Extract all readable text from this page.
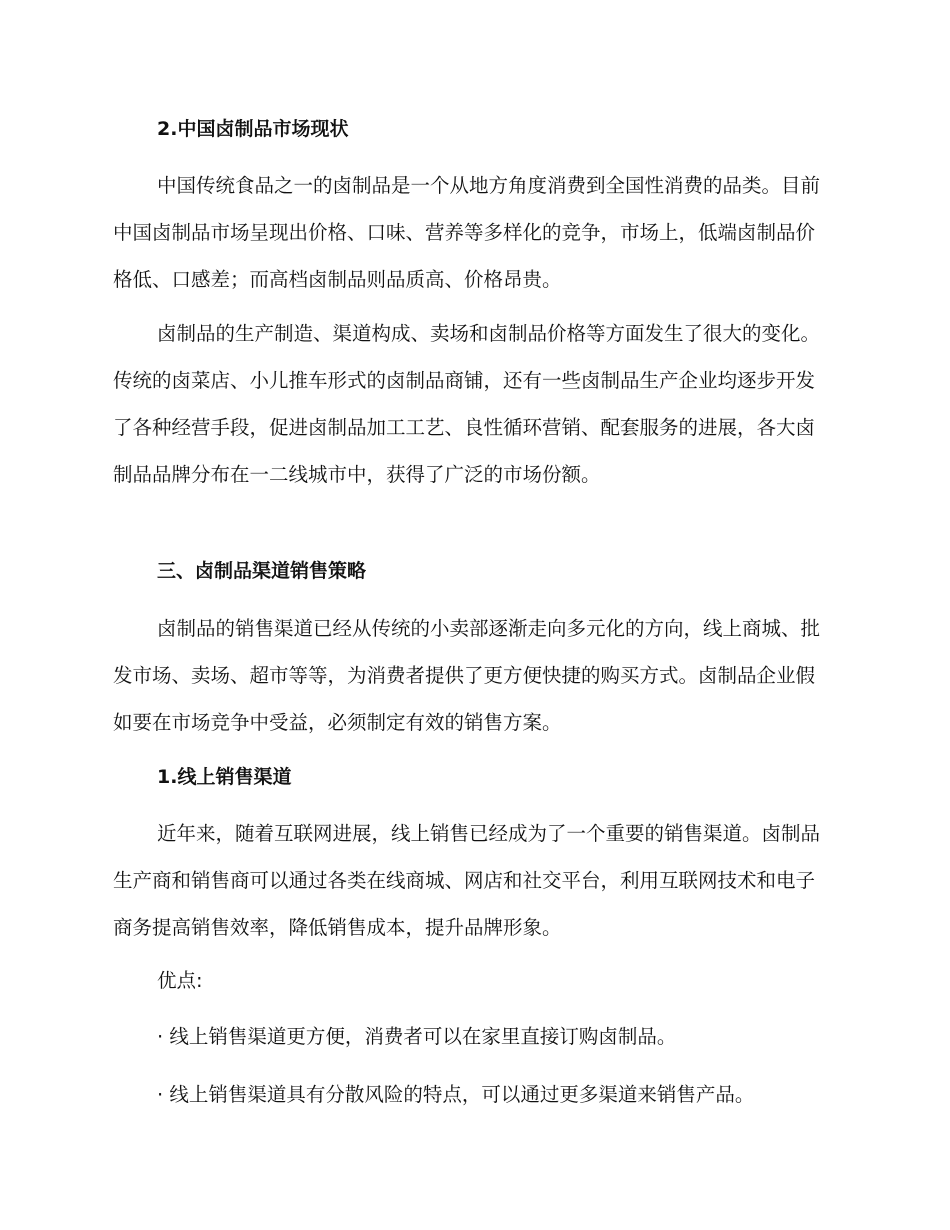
2.中国卤制品市场现状

中国传统食品之一的卤制品是一个从地方角度消费到全国性消费的品类。目前中国卤制品市场呈现出价格、口味、营养等多样化的竞争，市场上，低端卤制品价格低、口感差；而高档卤制品则品质高、价格昂贵。

卤制品的生产制造、渠道构成、卖场和卤制品价格等方面发生了很大的变化。传统的卤菜店、小儿推车形式的卤制品商铺，还有一些卤制品生产企业均逐步开发了各种经营手段，促进卤制品加工工艺、良性循环营销、配套服务的进展，各大卤制品品牌分布在一二线城市中，获得了广泛的市场份额。

三、卤制品渠道销售策略

卤制品的销售渠道已经从传统的小卖部逐渐走向多元化的方向，线上商城、批发市场、卖场、超市等等，为消费者提供了更方便快捷的购买方式。卤制品企业假如要在市场竞争中受益，必须制定有效的销售方案。

1.线上销售渠道

近年来，随着互联网进展，线上销售已经成为了一个重要的销售渠道。卤制品生产商和销售商可以通过各类在线商城、网店和社交平台，利用互联网技术和电子商务提高销售效率，降低销售成本，提升品牌形象。

优点:
· 线上销售渠道更方便，消费者可以在家里直接订购卤制品。
· 线上销售渠道具有分散风险的特点，可以通过更多渠道来销售产品。
